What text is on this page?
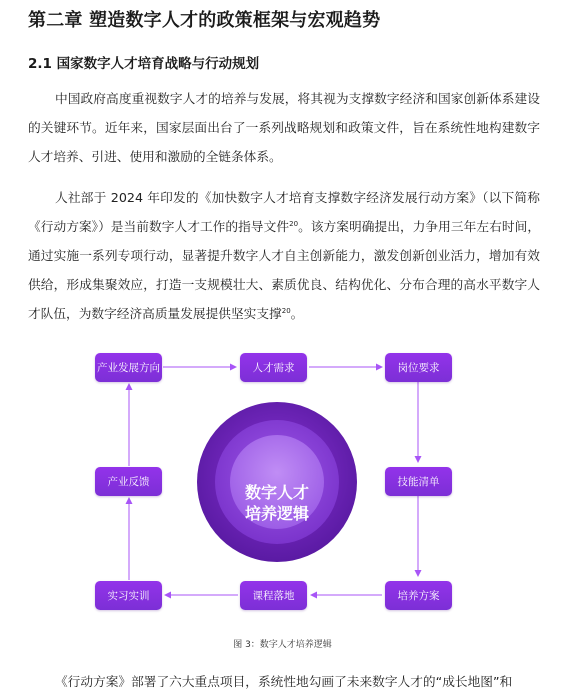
第二章 塑造数字人才的政策框架与宏观趋势
2.1 国家数字人才培育战略与行动规划
中国政府高度重视数字人才的培养与发展，将其视为支撑数字经济和国家创新体系建设的关键环节。近年来，国家层面出台了一系列战略规划和政策文件，旨在系统性地构建数字人才培养、引进、使用和激励的全链条体系。
人社部于 2024 年印发的《加快数字人才培育支撑数字经济发展行动方案》（以下简称《行动方案》）是当前数字人才工作的指导文件$^{20}$。该方案明确提出，力争用三年左右时间，通过实施一系列专项行动，显著提升数字人才自主创新能力，激发创新创业活力，增加有效供给，形成集聚效应，打造一支规模壮大、素质优良、结构优化、分布合理的高水平数字人才队伍，为数字经济高质量发展提供坚实支撑$^{20}$。
数字人才
培养逻辑
产业发展方向	人才需求	岗位要求
技能清单
培养方案
课程落地
实习实训
产业反馈
图 3：数字人才培养逻辑
《行动方案》部署了六大重点项目，系统性地勾画了未来数字人才的“成长地图”和
